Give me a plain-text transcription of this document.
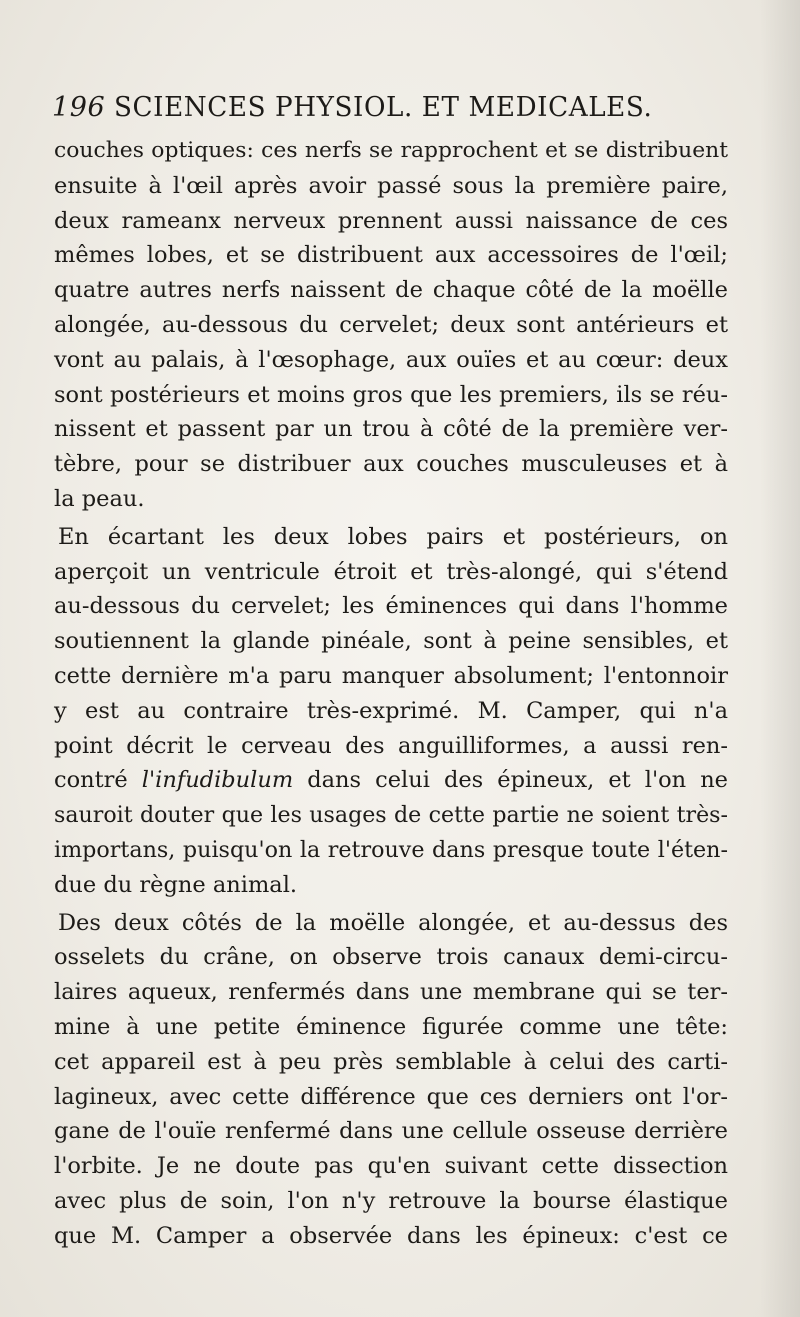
196 SCIENCES PHYSIOL. ET MEDICALES.
couches optiques: ces nerfs se rapprochent et se distribuent
ensuite à l'œil après avoir passé sous la première paire,
deux rameanx nerveux prennent aussi naissance de ces
mêmes lobes, et se distribuent aux accessoires de l'œil;
quatre autres nerfs naissent de chaque côté de la moëlle
alongée, au-dessous du cervelet; deux sont antérieurs et
vont au palais, à l'œsophage, aux ouïes et au cœur: deux
sont postérieurs et moins gros que les premiers, ils se réu-
nissent et passent par un trou à côté de la première ver-
tèbre, pour se distribuer aux couches musculeuses et à
la peau.
En écartant les deux lobes pairs et postérieurs, on
aperçoit un ventricule étroit et très-alongé, qui s'étend
au-dessous du cervelet; les éminences qui dans l'homme
soutiennent la glande pinéale, sont à peine sensibles, et
cette dernière m'a paru manquer absolument; l'entonnoir
y est au contraire très-exprimé. M. Camper, qui n'a
point décrit le cerveau des anguilliformes, a aussi ren-
contré l'infudibulum dans celui des épineux, et l'on ne
sauroit douter que les usages de cette partie ne soient très-
importans, puisqu'on la retrouve dans presque toute l'éten-
due du règne animal.
Des deux côtés de la moëlle alongée, et au-dessus des
osselets du crâne, on observe trois canaux demi-circu-
laires aqueux, renfermés dans une membrane qui se ter-
mine à une petite éminence figurée comme une tête:
cet appareil est à peu près semblable à celui des carti-
lagineux, avec cette différence que ces derniers ont l'or-
gane de l'ouïe renfermé dans une cellule osseuse derrière
l'orbite. Je ne doute pas qu'en suivant cette dissection
avec plus de soin, l'on n'y retrouve la bourse élastique
que M. Camper a observée dans les épineux: c'est ce
